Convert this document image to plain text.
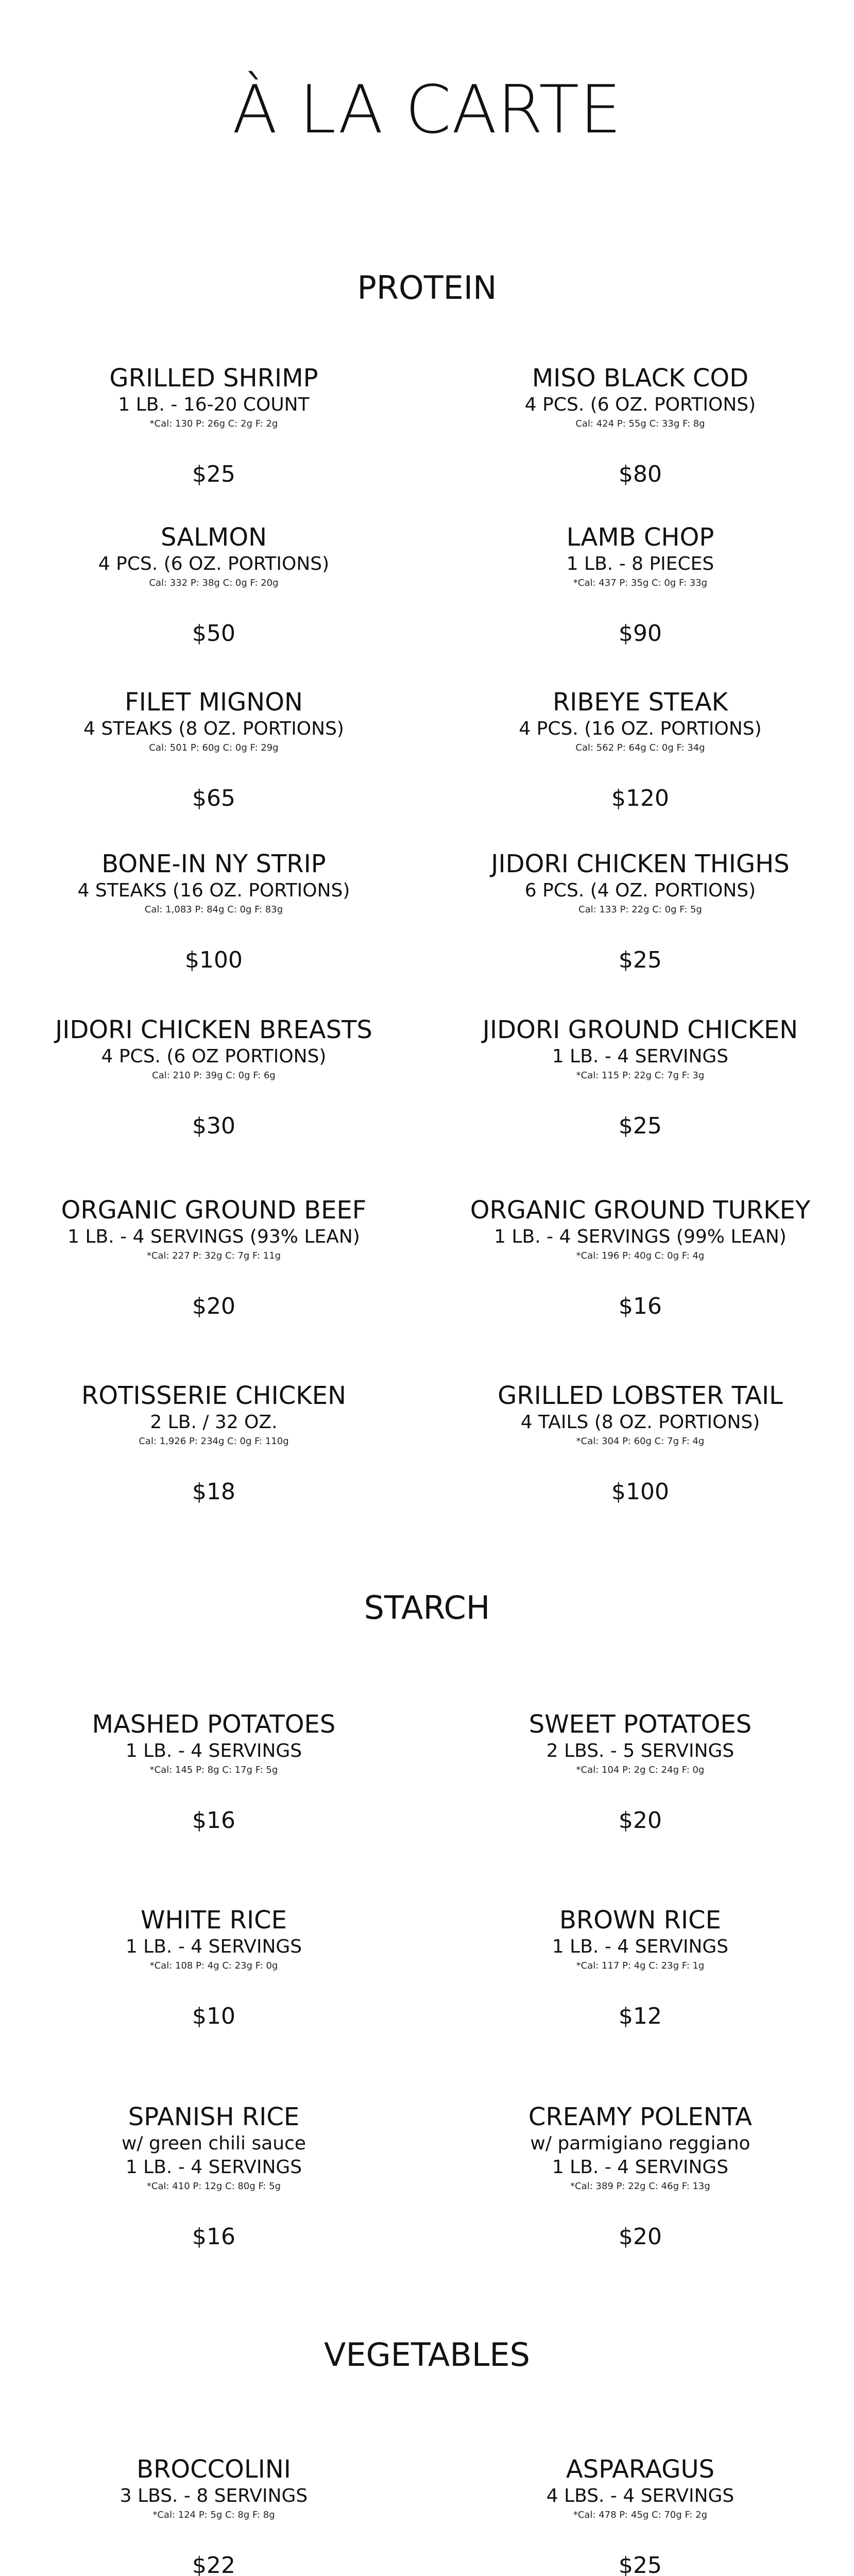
À LA CARTE
PROTEIN
GRILLED SHRIMP
1 LB. - 16-20 COUNT
*Cal: 130 P: 26g C: 2g F: 2g
$25
MISO BLACK COD
4 PCS. (6 OZ. PORTIONS)
Cal: 424 P: 55g C: 33g F: 8g
$80
SALMON
4 PCS. (6 OZ. PORTIONS)
Cal: 332 P: 38g C: 0g F: 20g
$50
LAMB CHOP
1 LB. - 8 PIECES
*Cal: 437 P: 35g C: 0g F: 33g
$90
FILET MIGNON
4 STEAKS (8 OZ. PORTIONS)
Cal: 501 P: 60g C: 0g F: 29g
$65
RIBEYE STEAK
4 PCS. (16 OZ. PORTIONS)
Cal: 562 P: 64g C: 0g F: 34g
$120
BONE-IN NY STRIP
4 STEAKS (16 OZ. PORTIONS)
Cal: 1,083 P: 84g C: 0g F: 83g
$100
JIDORI CHICKEN THIGHS
6 PCS. (4 OZ. PORTIONS)
Cal: 133 P: 22g C: 0g F: 5g
$25
JIDORI CHICKEN BREASTS
4 PCS. (6 OZ PORTIONS)
Cal: 210 P: 39g C: 0g F: 6g
$30
JIDORI GROUND CHICKEN
1 LB. - 4 SERVINGS
*Cal: 115 P: 22g C: 7g F: 3g
$25
ORGANIC GROUND BEEF
1 LB. - 4 SERVINGS (93% LEAN)
*Cal: 227 P: 32g C: 7g F: 11g
$20
ORGANIC GROUND TURKEY
1 LB. - 4 SERVINGS (99% LEAN)
*Cal: 196 P: 40g C: 0g F: 4g
$16
ROTISSERIE CHICKEN
2 LB. / 32 OZ.
Cal: 1,926 P: 234g C: 0g F: 110g
$18
GRILLED LOBSTER TAIL
4 TAILS (8 OZ. PORTIONS)
*Cal: 304 P: 60g C: 7g F: 4g
$100
STARCH
MASHED POTATOES
1 LB. - 4 SERVINGS
*Cal: 145 P: 8g C: 17g F: 5g
$16
SWEET POTATOES
2 LBS. - 5 SERVINGS
*Cal: 104 P: 2g C: 24g F: 0g
$20
WHITE RICE
1 LB. - 4 SERVINGS
*Cal: 108 P: 4g C: 23g F: 0g
$10
BROWN RICE
1 LB. - 4 SERVINGS
*Cal: 117 P: 4g C: 23g F: 1g
$12
SPANISH RICE
w/ green chili sauce
1 LB. - 4 SERVINGS
*Cal: 410 P: 12g C: 80g F: 5g
$16
CREAMY POLENTA
w/ parmigiano reggiano
1 LB. - 4 SERVINGS
*Cal: 389 P: 22g C: 46g F: 13g
$20
VEGETABLES
BROCCOLINI
3 LBS. - 8 SERVINGS
*Cal: 124 P: 5g C: 8g F: 8g
$22
ASPARAGUS
4 LBS. - 4 SERVINGS
*Cal: 478 P: 45g C: 70g F: 2g
$25
